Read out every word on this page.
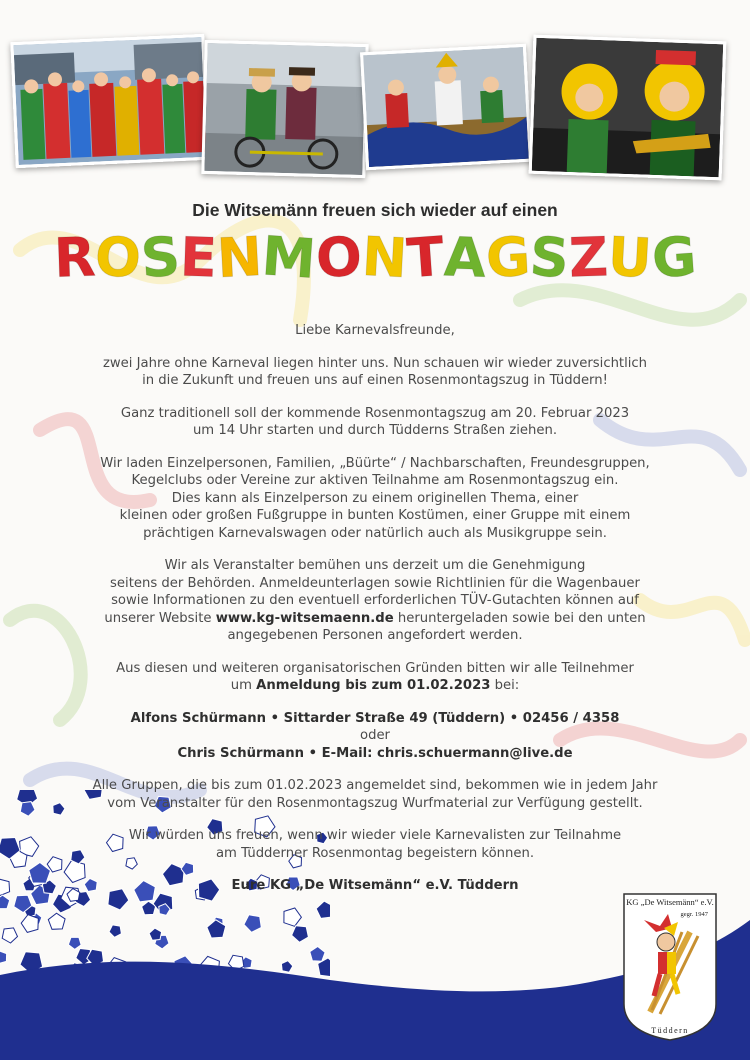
Die Witsemänn freuen sich wieder auf einen
ROSENMONTAGSZUG

Liebe Karnevalsfreunde,

zwei Jahre ohne Karneval liegen hinter uns. Nun schauen wir wieder zuversichtlich
in die Zukunft und freuen uns auf einen Rosenmontagszug in Tüddern!

Ganz traditionell soll der kommende Rosenmontagszug am 20. Februar 2023
um 14 Uhr starten und durch Tüdderns Straßen ziehen.

Wir laden Einzelpersonen, Familien, „Büürte“ / Nachbarschaften, Freundesgruppen,
Kegelclubs oder Vereine zur aktiven Teilnahme am Rosenmontagszug ein.
Dies kann als Einzelperson zu einem originellen Thema, einer
kleinen oder großen Fußgruppe in bunten Kostümen, einer Gruppe mit einem
prächtigen Karnevalswagen oder natürlich auch als Musikgruppe sein.

Wir als Veranstalter bemühen uns derzeit um die Genehmigung
seitens der Behörden. Anmeldeunterlagen sowie Richtlinien für die Wagenbauer
sowie Informationen zu den eventuell erforderlichen TÜV-Gutachten können auf
unserer Website www.kg-witsemaenn.de heruntergeladen sowie bei den unten
angegebenen Personen angefordert werden.

Aus diesen und weiteren organisatorischen Gründen bitten wir alle Teilnehmer
um Anmeldung bis zum 01.02.2023 bei:

Alfons Schürmann • Sittarder Straße 49 (Tüddern) • 02456 / 4358
oder
Chris Schürmann • E-Mail: chris.schuermann@live.de

Alle Gruppen, die bis zum 01.02.2023 angemeldet sind, bekommen wie in jedem Jahr
vom Veranstalter für den Rosenmontagszug Wurfmaterial zur Verfügung gestellt.

Wir würden uns freuen, wenn wir wieder viele Karnevalisten zur Teilnahme
am Tüdderner Rosenmontag begeistern können.

Eure KG „De Witsemänn“ e.V. Tüddern

KG „De Witsemänn“ e.V.
gegr. 1947
Tüddern
